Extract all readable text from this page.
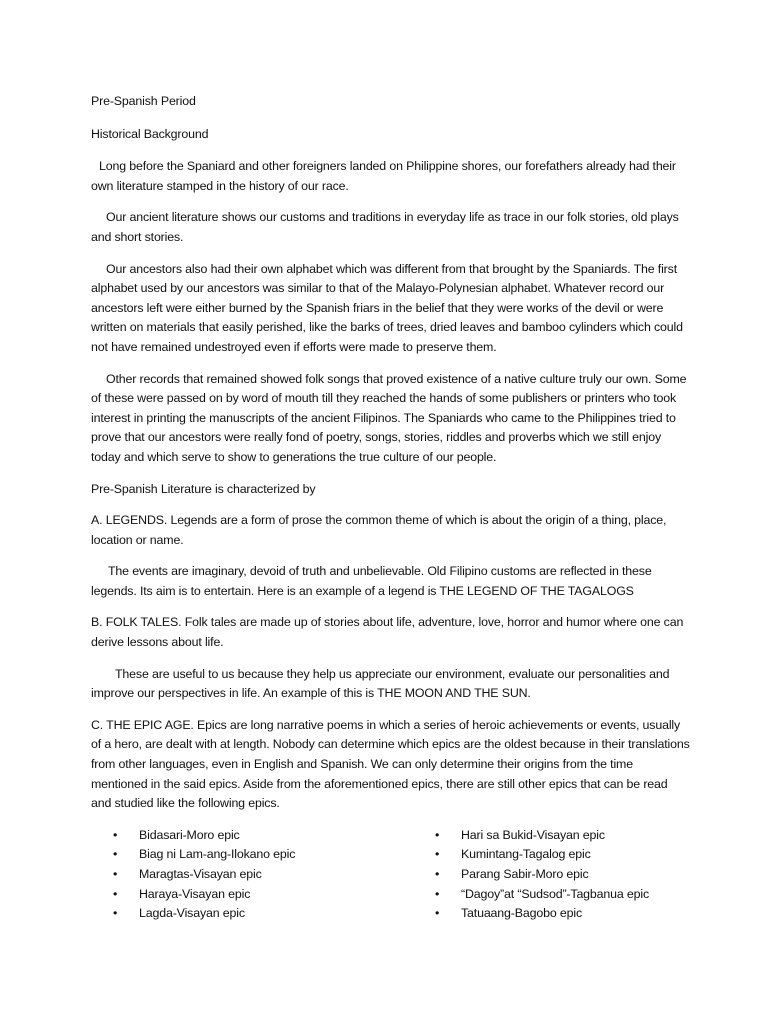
Pre-Spanish Period
Historical Background

Long before the Spaniard and other foreigners landed on Philippine shores, our forefathers already had their own literature stamped in the history of our race.

Our ancient literature shows our customs and traditions in everyday life as trace in our folk stories, old plays and short stories.

Our ancestors also had their own alphabet which was different from that brought by the Spaniards. The first alphabet used by our ancestors was similar to that of the Malayo-Polynesian alphabet. Whatever record our ancestors left were either burned by the Spanish friars in the belief that they were works of the devil or were written on materials that easily perished, like the barks of trees, dried leaves and bamboo cylinders which could not have remained undestroyed even if efforts were made to preserve them.

Other records that remained showed folk songs that proved existence of a native culture truly our own. Some of these were passed on by word of mouth till they reached the hands of some publishers or printers who took interest in printing the manuscripts of the ancient Filipinos. The Spaniards who came to the Philippines tried to prove that our ancestors were really fond of poetry, songs, stories, riddles and proverbs which we still enjoy today and which serve to show to generations the true culture of our people.

Pre-Spanish Literature is characterized by

A. LEGENDS. Legends are a form of prose the common theme of which is about the origin of a thing, place, location or name.

The events are imaginary, devoid of truth and unbelievable. Old Filipino customs are reflected in these legends. Its aim is to entertain. Here is an example of a legend is THE LEGEND OF THE TAGALOGS

B. FOLK TALES. Folk tales are made up of stories about life, adventure, love, horror and humor where one can derive lessons about life.

These are useful to us because they help us appreciate our environment, evaluate our personalities and improve our perspectives in life. An example of this is THE MOON AND THE SUN.

C. THE EPIC AGE. Epics are long narrative poems in which a series of heroic achievements or events, usually of a hero, are dealt with at length. Nobody can determine which epics are the oldest because in their translations from other languages, even in English and Spanish. We can only determine their origins from the time mentioned in the said epics. Aside from the aforementioned epics, there are still other epics that can be read and studied like the following epics.

• Bidasari-Moro epic
• Biag ni Lam-ang-Ilokano epic
• Maragtas-Visayan epic
• Haraya-Visayan epic
• Lagda-Visayan epic
• Hari sa Bukid-Visayan epic
• Kumintang-Tagalog epic
• Parang Sabir-Moro epic
• “Dagoy”at “Sudsod”-Tagbanua epic
• Tatuaang-Bagobo epic
